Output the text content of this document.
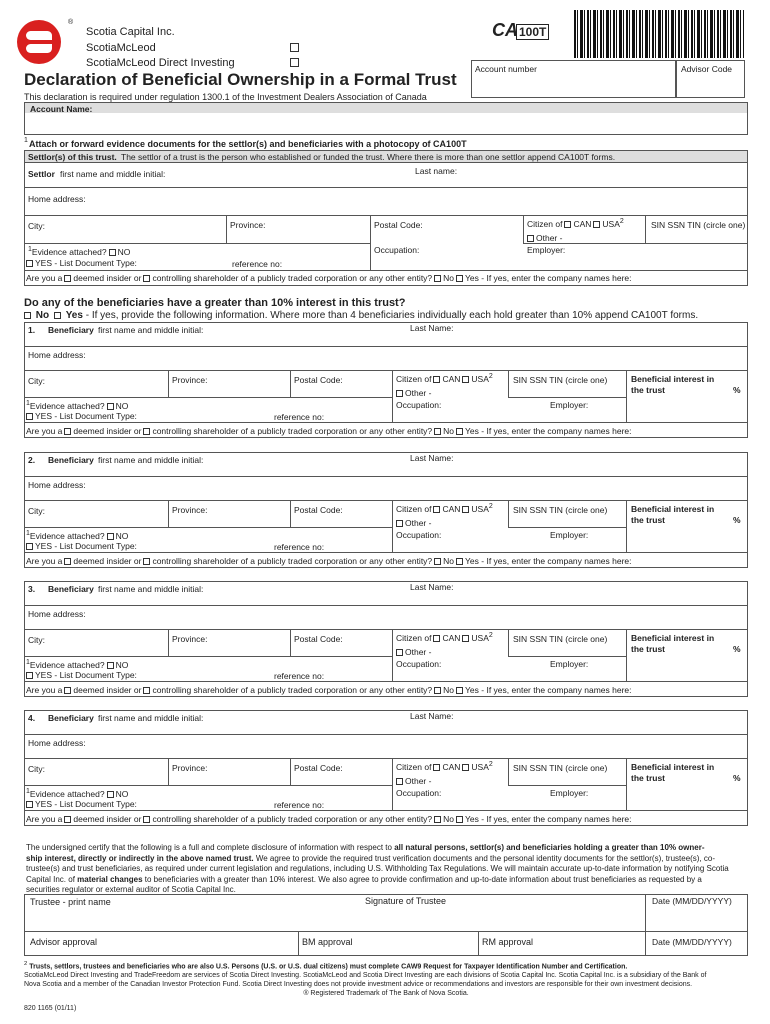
®
Scotia Capital Inc.
ScotiaMcLeod
ScotiaMcLeod Direct Investing
Declaration of Beneficial Ownership in a Formal Trust
This declaration is required under regulation 1300.1 of the Investment Dealers Association of Canada
CA 100T
Account number	Advisor Code
Account Name:
1 Attach or forward evidence documents for the settlor(s) and beneficiaries with a photocopy of CA100T
Settlor(s) of this trust. The settlor of a trust is the person who established or funded the trust. Where there is more than one settlor append CA100T forms.
Settlor first name and middle initial:	Last name:
Home address:
City:	Province:	Postal Code:	Citizen of CAN USA$^2$
Other -
SIN SSN TIN (circle one)
$^1$Evidence attached? NO	Occupation:	Employer:
YES - List Document Type:	reference no:
Are you a deemed insider or controlling shareholder of a publicly traded corporation or any other entity? No Yes - If yes, enter the company names here:
Do any of the beneficiaries have a greater than 10% interest in this trust?
No Yes - If yes, provide the following information. Where more than 4 beneficiaries individually each hold greater than 10% append CA100T forms.
1. Beneficiary first name and middle initial:	Last Name:
Home address:
City:	Province:	Postal Code:	Citizen of CAN USA$^2$
Other -
SIN SSN TIN (circle one)	Beneficial interest in
the trust	%
$^1$Evidence attached? NO	Occupation:	Employer:
YES - List Document Type:	reference no:
Are you a deemed insider or controlling shareholder of a publicly traded corporation or any other entity? No Yes - If yes, enter the company names here:
2. Beneficiary first name and middle initial:	Last Name:
Home address:
City:	Province:	Postal Code:	Citizen of CAN USA$^2$
Other -
SIN SSN TIN (circle one)	Beneficial interest in
the trust	%
$^1$Evidence attached? NO	Occupation:	Employer:
YES - List Document Type:	reference no:
Are you a deemed insider or controlling shareholder of a publicly traded corporation or any other entity? No Yes - If yes, enter the company names here:
3. Beneficiary first name and middle initial:	Last Name:
Home address:
City:	Province:	Postal Code:	Citizen of CAN USA$^2$
Other -
SIN SSN TIN (circle one)	Beneficial interest in
the trust	%
$^1$Evidence attached? NO	Occupation:	Employer:
YES - List Document Type:	reference no:
Are you a deemed insider or controlling shareholder of a publicly traded corporation or any other entity? No Yes - If yes, enter the company names here:
4. Beneficiary first name and middle initial:	Last Name:
Home address:
City:	Province:	Postal Code:	Citizen of CAN USA$^2$
Other -
SIN SSN TIN (circle one)	Beneficial interest in
the trust	%
$^1$Evidence attached? NO	Occupation:	Employer:
YES - List Document Type:	reference no:
Are you a deemed insider or controlling shareholder of a publicly traded corporation or any other entity? No Yes - If yes, enter the company names here:
The undersigned certify that the following is a full and complete disclosure of information with respect to all natural persons, settlor(s) and beneficiaries holding a greater than 10% owner-
ship interest, directly or indirectly in the above named trust. We agree to provide the required trust verification documents and the personal identity documents for the settlor(s), trustee(s), co-
trustee(s) and trust beneficiaries, as required under current legislation and regulations, including U.S. Withholding Tax Regulations. We will maintain accurate up-to-date information by notifying Scotia
Capital Inc. of material changes to beneficiaries with a greater than 10% interest. We also agree to provide confirmation and up-to-date information about trust beneficiaries as requested by a
securities regulator or external auditor of Scotia Capital Inc.
Trustee - print name	Signature of Trustee	Date (MM/DD/YYYY)
Advisor approval	BM approval	RM approval	Date (MM/DD/YYYY)
$^2$ Trusts, settlors, trustees and beneficiaries who are also U.S. Persons (U.S. or U.S. dual citizens) must complete CAW9 Request for Taxpayer Identification Number and Certification.
ScotiaMcLeod Direct Investing and TradeFreedom are services of Scotia Direct Investing. ScotiaMcLeod and Scotia Direct Investing are each divisions of Scotia Capital Inc. Scotia Capital Inc. is a subsidiary of the Bank of
Nova Scotia and a member of the Canadian Investor Protection Fund. Scotia Direct Investing does not provide investment advice or recommendations and investors are responsible for their own investment decisions.
® Registered Trademark of The Bank of Nova Scotia.
820 1165 (01/11)
